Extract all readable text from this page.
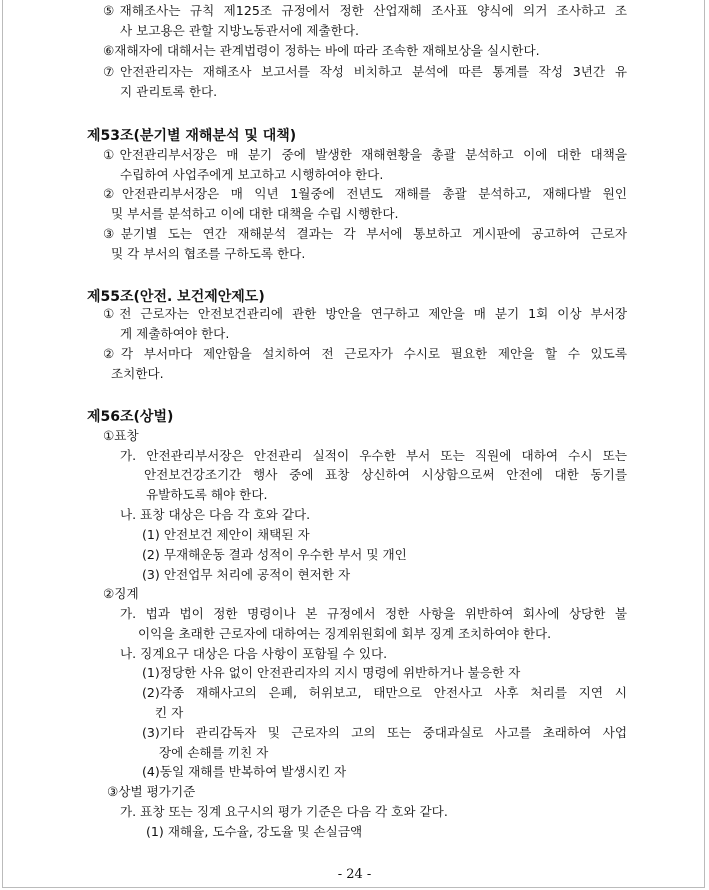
⑤재해조사는 규칙 제125조 규정에서 정한 산업재해 조사표 양식에 의거 조사하고 조
사 보고용은 관할 지방노동관서에 제출한다.
⑥재해자에 대해서는 관계법령이 정하는 바에 따라 조속한 재해보상을 실시한다.
⑦안전관리자는 재해조사 보고서를 작성 비치하고 분석에 따른 통계를 작성 3년간 유
지 관리토록 한다.
제53조(분기별 재해분석 및 대책)
①안전관리부서장은 매 분기 중에 발생한 재해현황을 총괄 분석하고 이에 대한 대책을
수립하여 사업주에게 보고하고 시행하여야 한다.
②안전관리부서장은 매 익년 1월중에 전년도 재해를 총괄 분석하고, 재해다발 원인
및 부서를 분석하고 이에 대한 대책을 수립 시행한다.
③분기별 도는 연간 재해분석 결과는 각 부서에 통보하고 게시판에 공고하여 근로자
및 각 부서의 협조를 구하도록 한다.
제55조(안전. 보건제안제도)
①전 근로자는 안전보건관리에 관한 방안을 연구하고 제안을 매 분기 1회 이상 부서장
게 제출하여야 한다.
②각 부서마다 제안함을 설치하여 전 근로자가 수시로 필요한 제안을 할 수 있도록
조치한다.
제56조(상벌)
①표창
가. 안전관리부서장은 안전관리 실적이 우수한 부서 또는 직원에 대하여 수시 또는
안전보건강조기간 행사 중에 표창 상신하여 시상함으로써 안전에 대한 동기를
유발하도록 해야 한다.
나. 표창 대상은 다음 각 호와 같다.
(1) 안전보건 제안이 채택된 자
(2) 무재해운동 결과 성적이 우수한 부서 및 개인
(3) 안전업무 처리에 공적이 현저한 자
②징계
가. 법과 법이 정한 명령이나 본 규정에서 정한 사항을 위반하여 회사에 상당한 불
이익을 초래한 근로자에 대하여는 징계위원회에 회부 징계 조치하여야 한다.
나. 징계요구 대상은 다음 사항이 포함될 수 있다.
(1)정당한 사유 없이 안전관리자의 지시 명령에 위반하거나 불응한 자
(2)각종 재해사고의 은폐, 허위보고, 태만으로 안전사고 사후 처리를 지연 시
킨 자
(3)기타 관리감독자 및 근로자의 고의 또는 중대과실로 사고를 초래하여 사업
장에 손해를 끼친 자
(4)동일 재해를 반복하여 발생시킨 자
③상벌 평가기준
가. 표창 또는 징계 요구시의 평가 기준은 다음 각 호와 같다.
(1) 재해율, 도수율, 강도율 및 손실금액
- 24 -
